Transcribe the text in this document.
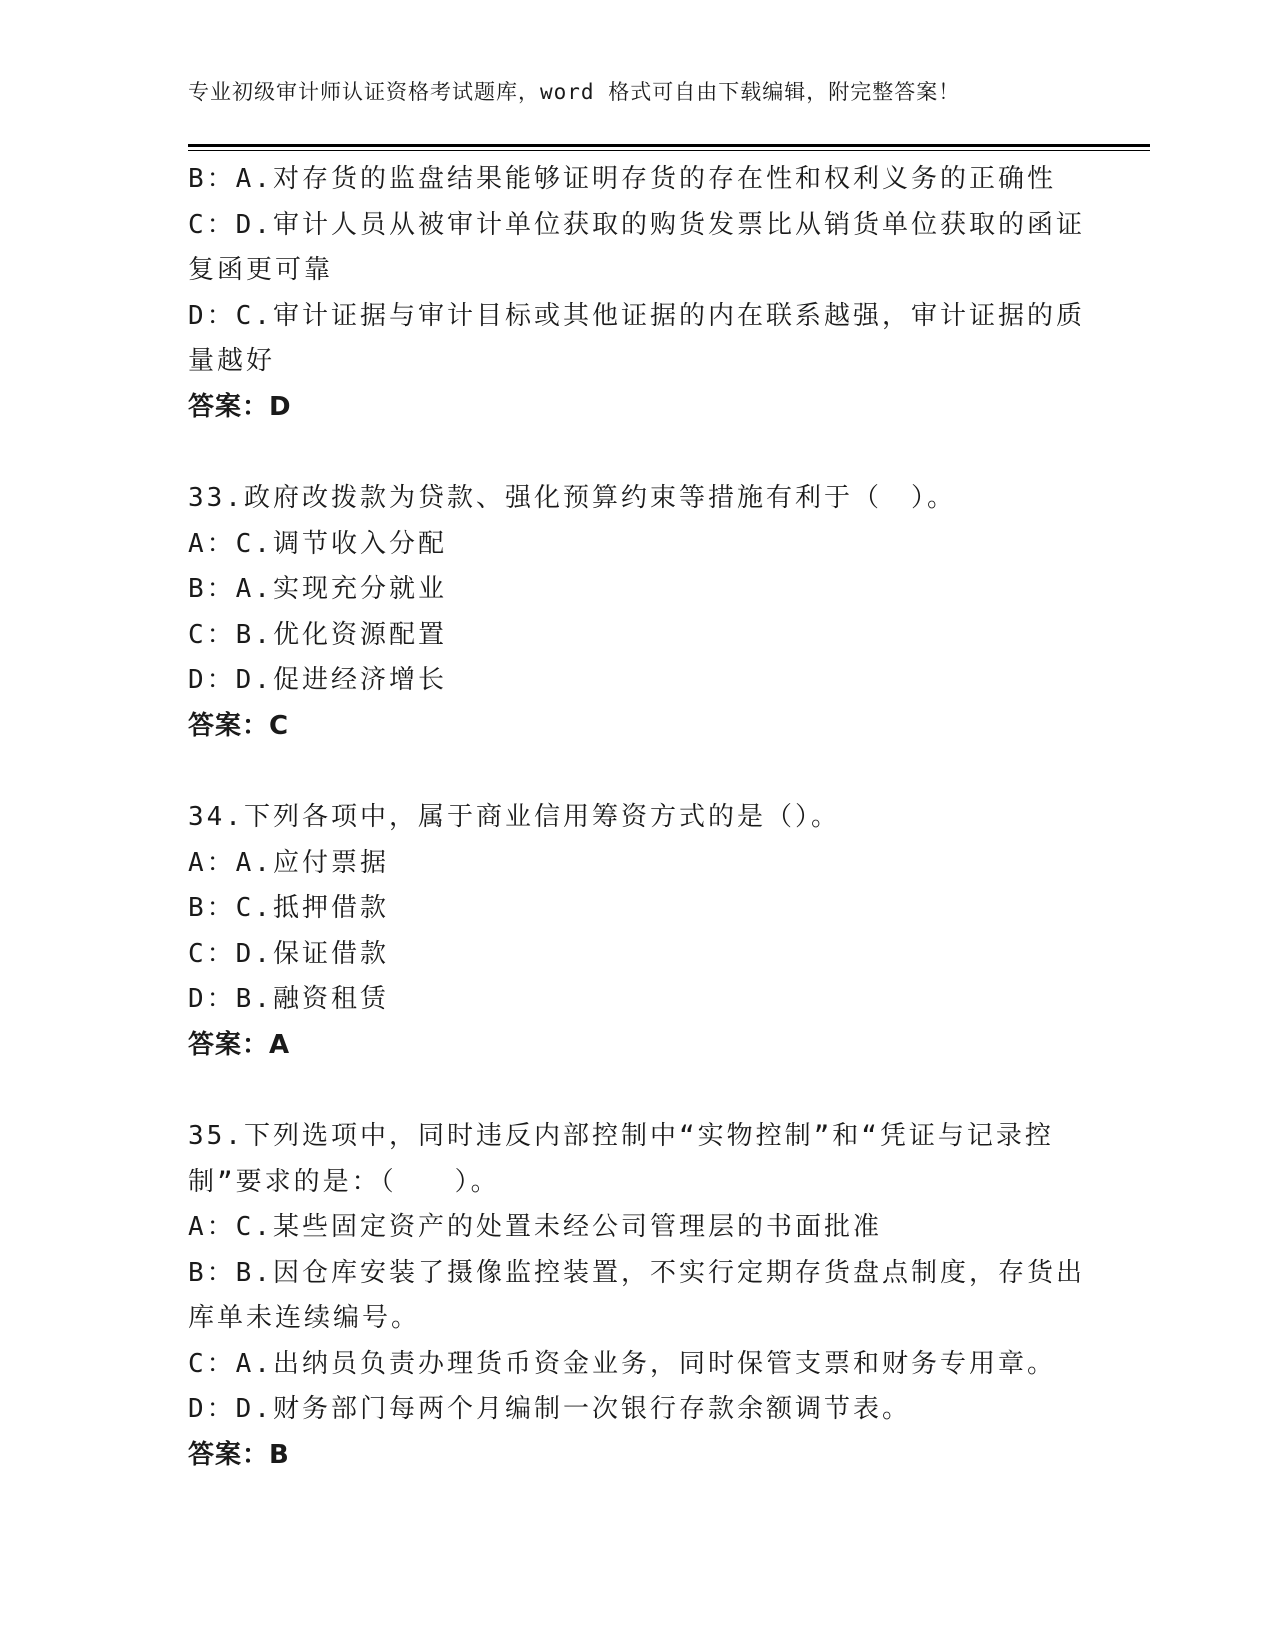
专业初级审计师认证资格考试题库，word 格式可自由下载编辑，附完整答案！
B：A.对存货的监盘结果能够证明存货的存在性和权利义务的正确性
C：D.审计人员从被审计单位获取的购货发票比从销货单位获取的函证
复函更可靠
D：C.审计证据与审计目标或其他证据的内在联系越强，审计证据的质
量越好
答案：D
33.政府改拨款为贷款、强化预算约束等措施有利于（　）。
A：C.调节收入分配
B：A.实现充分就业
C：B.优化资源配置
D：D.促进经济增长
答案：C
34.下列各项中，属于商业信用筹资方式的是（）。
A：A.应付票据
B：C.抵押借款
C：D.保证借款
D：B.融资租赁
答案：A
35.下列选项中，同时违反内部控制中“实物控制”和“凭证与记录控
制”要求的是：（　　）。
A：C.某些固定资产的处置未经公司管理层的书面批准
B：B.因仓库安装了摄像监控装置，不实行定期存货盘点制度，存货出
库单未连续编号。
C：A.出纳员负责办理货币资金业务，同时保管支票和财务专用章。
D：D.财务部门每两个月编制一次银行存款余额调节表。
答案：B
